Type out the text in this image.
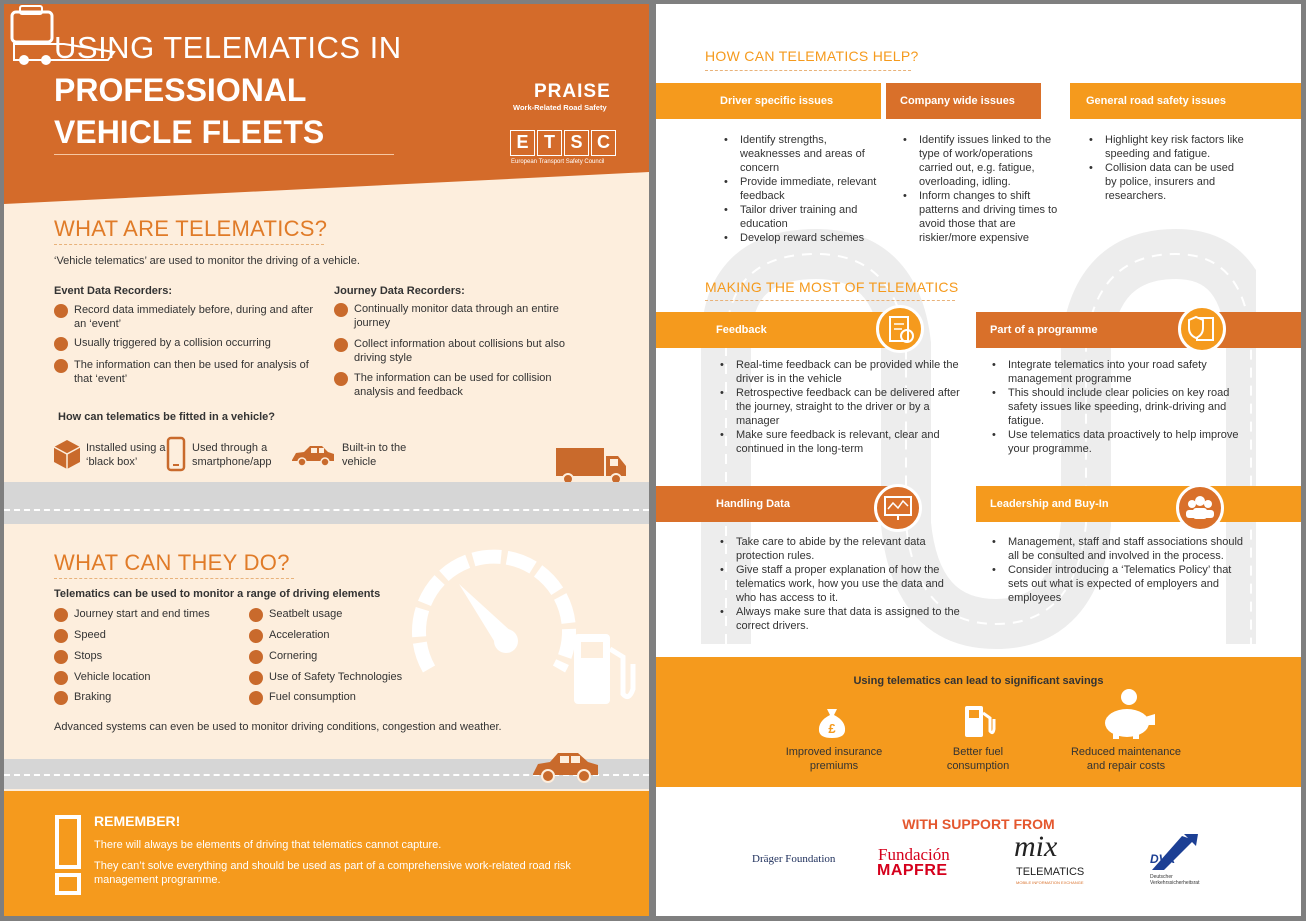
USING TELEMATICS IN
PROFESSIONAL
VEHICLE FLEETS
PRAISE
Work-Related Road Safety
E T S C
European Transport Safety Council
WHAT ARE TELEMATICS?
‘Vehicle telematics’ are used to monitor the driving of a vehicle.
Event Data Recorders:
Record data immediately before, during and after an ‘event’
Usually triggered by a collision occurring
The information can then be used for analysis of that ‘event’
Journey Data Recorders:
Continually monitor data through an entire journey
Collect information about collisions but also driving style
The information can be used for collision analysis and feedback
How can telematics be fitted in a vehicle?
Installed using a ‘black box’
Used through a smartphone/app
Built-in to the vehicle
WHAT CAN THEY DO?
Telematics can be used to monitor a range of driving elements
Journey start and end times
Speed
Stops
Vehicle location
Braking
Seatbelt usage
Acceleration
Cornering
Use of Safety Technologies
Fuel consumption
Advanced systems can even be used to monitor driving conditions, congestion and weather.
REMEMBER!
There will always be elements of driving that telematics cannot capture.
They can’t solve everything and should be used as part of a comprehensive work-related road risk management programme.
HOW CAN TELEMATICS HELP?
Driver specific issues	Company wide issues	General road safety issues
• Identify strengths, weaknesses and areas of concern
• Provide immediate, relevant feedback
• Tailor driver training and education
• Develop reward schemes
• Identify issues linked to the type of work/operations carried out, e.g. fatigue, overloading, idling.
• Inform changes to shift patterns and driving times to avoid those that are riskier/more expensive
• Highlight key risk factors like speeding and fatigue.
• Collision data can be used by police, insurers and researchers.
MAKING THE MOST OF TELEMATICS
Feedback	Part of a programme
• Real-time feedback can be provided while the driver is in the vehicle
• Retrospective feedback can be delivered after the journey, straight to the driver or by a manager
• Make sure feedback is relevant, clear and continued in the long-term
• Integrate telematics into your road safety management programme
• This should include clear policies on key road safety issues like speeding, drink-driving and fatigue.
• Use telematics data proactively to help improve your programme.
Handling Data	Leadership and Buy-In
• Take care to abide by the relevant data protection rules.
• Give staff a proper explanation of how the telematics work, how you use the data and who has access to it.
• Always make sure that data is assigned to the correct drivers.
• Management, staff and staff associations should all be consulted and involved in the process.
• Consider introducing a ‘Telematics Policy’ that sets out what is expected of employers and employees
Using telematics can lead to significant savings
£
Improved insurance premiums
Better fuel consumption
Reduced maintenance and repair costs
WITH SUPPORT FROM
Dräger Foundation	Fundación
MAPFRE
mix
TELEMATICS
MOBILE INFORMATION EXCHANGE
DVR
Deutscher Verkehrssicherheitsrat
